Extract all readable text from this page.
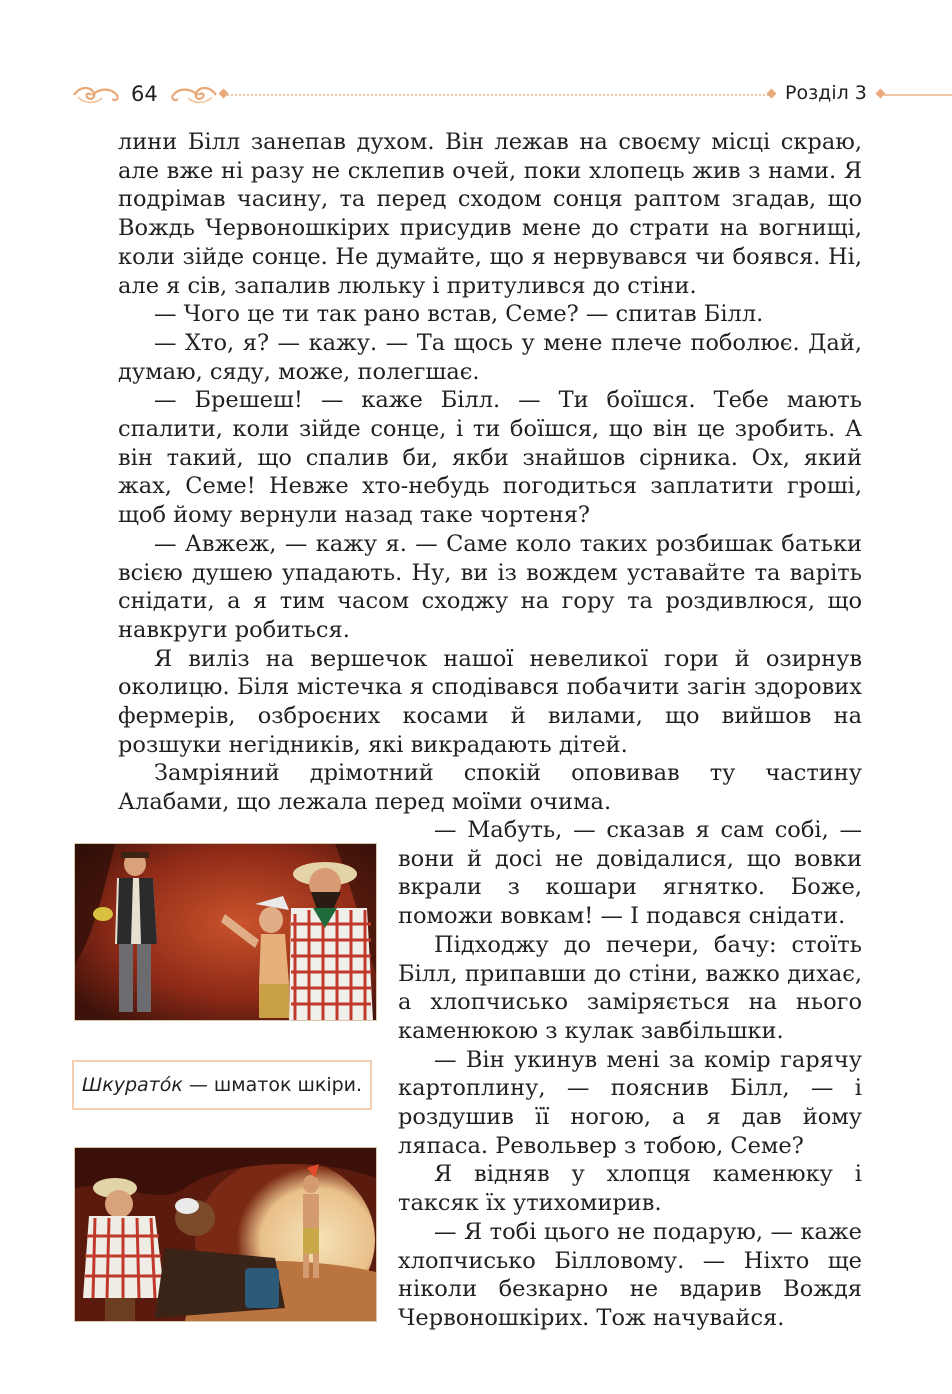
64	Розділ 3

лини Білл занепав духом. Він лежав на своєму місці скраю, але вже ні разу не склепив очей, поки хлопець жив з нами. Я подрімав часину, та перед сходом сонця раптом згадав, що Вождь Червоношкірих присудив мене до страти на вогнищі, коли зійде сонце. Не думайте, що я нервувався чи боявся. Ні, але я сів, запалив люльку і притулився до стіни.

— Чого це ти так рано встав, Семе? — спитав Білл.

— Хто, я? — кажу. — Та щось у мене плече поболює. Дай, думаю, сяду, може, полегшає.

— Брешеш! — каже Білл. — Ти боїшся. Тебе мають спалити, коли зійде сонце, і ти боїшся, що він це зробить. А він такий, що спалив би, якби знайшов сірника. Ох, який жах, Семе! Невже хто-небудь погодиться заплатити гроші, щоб йому вернули назад таке чортеня?

— Авжеж, — кажу я. — Саме коло таких розбишак батьки всією душею упадають. Ну, ви із вождем уставайте та варіть снідати, а я тим часом сходжу на гору та роздивлюся, що навкруги робиться.

Я виліз на вершечок нашої невеликої гори й озирнув околицю. Біля містечка я сподівався побачити загін здорових фермерів, озброєних косами й вилами, що вийшов на розшуки негідників, які викрадають дітей.

Замріяний дрімотний спокій оповивав ту частину Алабами, що лежала перед моїми очима.

— Мабуть, — сказав я сам собі, — вони й досі не довідалися, що вовки вкрали з кошари ягнятко. Боже, поможи вовкам! — І подався снідати.

Підходжу до печери, бачу: стоїть Білл, припавши до стіни, важко дихає, а хлопчисько заміряється на нього каменюкою з кулак завбільшки.

— Він укинув мені за комір гарячу картоплину, — пояснив Білл, — і роздушив її ногою, а я дав йому ляпаса. Револьвер з тобою, Семе?

Я відняв у хлопця каменюку і таксяк їх утихомирив.

— Я тобі цього не подарую, — каже хлопчисько Білловому. — Ніхто ще ніколи безкарно не вдарив Вождя Червоношкірих. Тож начувайся.

Шкурато́к — шматок шкіри.
